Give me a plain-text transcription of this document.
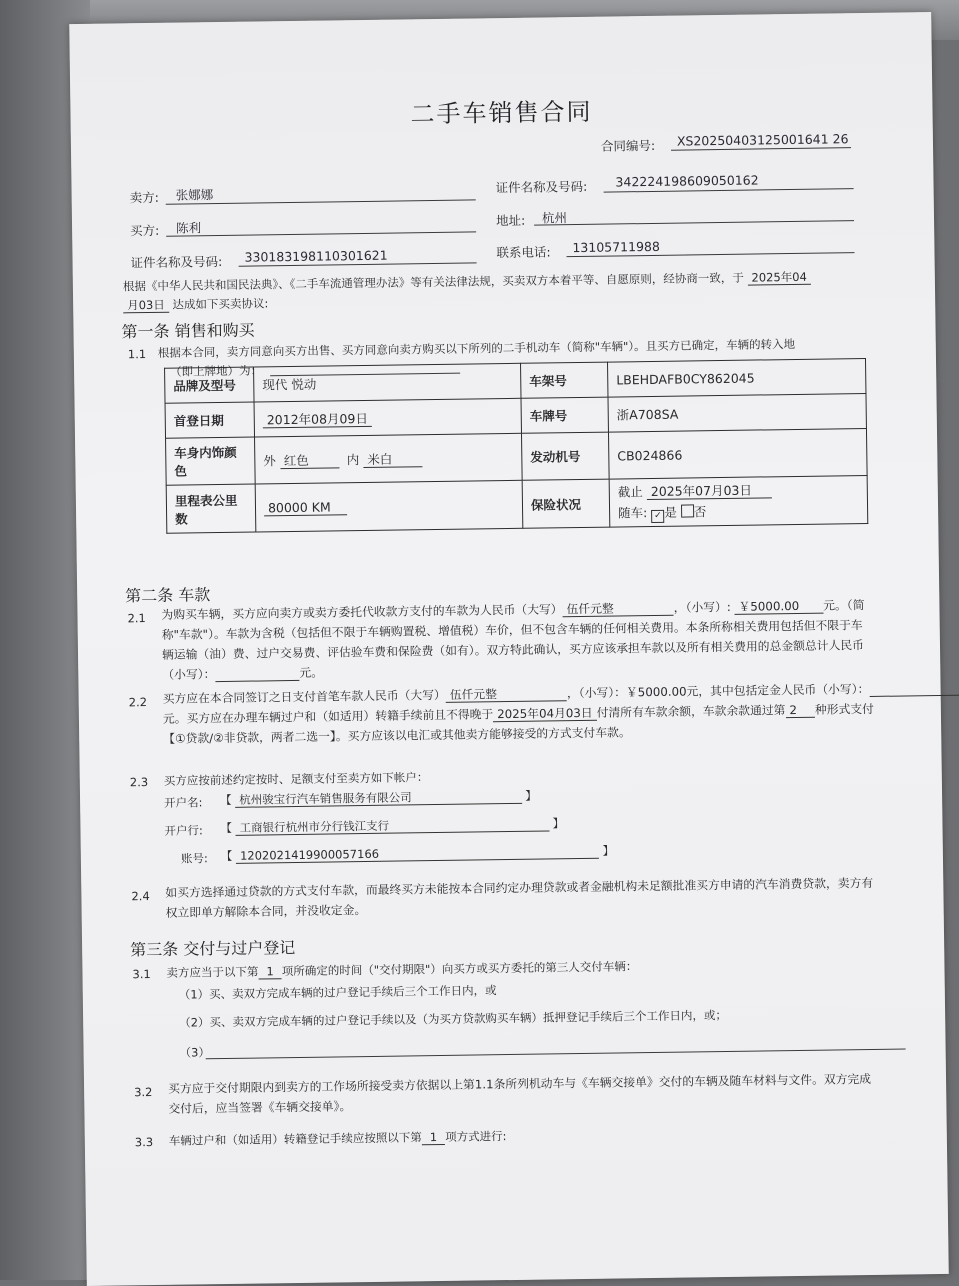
二手车销售合同
合同编号: XS20250403125001641 26
卖方: 张娜娜	证件名称及号码: 342224198609050162
买方: 陈利	地址: 杭州
证件名称及号码: 330183198110301621	联系电话: 13105711988
根据《中华人民共和国民法典》、《二手车流通管理办法》等有关法律法规，买卖双方本着平等、自愿原则，经协商一致，于 2025年04
月03日 达成如下买卖协议:
第一条 销售和购买
1.1 根据本合同，卖方同意向买方出售、买方同意向卖方购买以下所列的二手机动车（简称"车辆"）。且买方已确定，车辆的转入地
（即上牌地）为：
品牌及型号	现代 悦动	车架号	LBEHDAFB0CY862045
首登日期	2012年08月09日	车牌号	浙A708SA
车身内饰颜色	外 红色 内 米白	发动机号	CB024866
里程表公里数	80000 KM	保险状况	截止 2025年07月03日
随车: ✓ 是 否
第二条 车款
2.1 为购买车辆，买方应向卖方或卖方委托代收款方支付的车款为人民币（大写） 伍仟元整	，（小写）: ￥5000.00 元。（简称"车款"）。车款为含税（包括但不限于车辆购置税、增值税）车价，但不包含车辆的任何相关费用。本条所称相关费用包括但不限于车辆运输（油）费、过户交易费、评估验车费和保险费（如有）。双方特此确认，买方应该承担车款以及所有相关费用的总金额总计人民币（小写）：	元。
2.2 买方应在本合同签订之日支付首笔车款人民币（大写） 伍仟元整	，（小写）：￥5000.00元，其中包括定金人民币（小写）：元。买方应在办理车辆过户和（如适用）转籍手续前且不得晚于 2025年04月03日 付清所有车款余额，车款余款通过第 2 种形式支付【①贷款/②非贷款，两者二选一】。买方应该以电汇或其他卖方能够接受的方式支付车款。
2.3 买方应按前述约定按时、足额支付至卖方如下帐户：
开户名: 【 杭州骏宝行汽车销售服务有限公司	】
开户行: 【 工商银行杭州市分行钱江支行	】
账号: 【 1202021419900057166	】
2.4 如买方选择通过贷款的方式支付车款，而最终买方未能按本合同约定办理贷款或者金融机构未足额批准买方申请的汽车消费贷款，卖方有权立即单方解除本合同，并没收定金。
第三条 交付与过户登记
3.1 卖方应当于以下第 1 项所确定的时间（"交付期限"）向买方或买方委托的第三人交付车辆：
（1）买、卖双方完成车辆的过户登记手续后三个工作日内，或
（2）买、卖双方完成车辆的过户登记手续以及（为买方贷款购买车辆）抵押登记手续后三个工作日内，或；
（3）
3.2 买方应于交付期限内到卖方的工作场所接受卖方依据以上第1.1条所列机动车与《车辆交接单》交付的车辆及随车材料与文件。双方完成交付后，应当签署《车辆交接单》。
3.3 车辆过户和（如适用）转籍登记手续应按照以下第 1 项方式进行:
